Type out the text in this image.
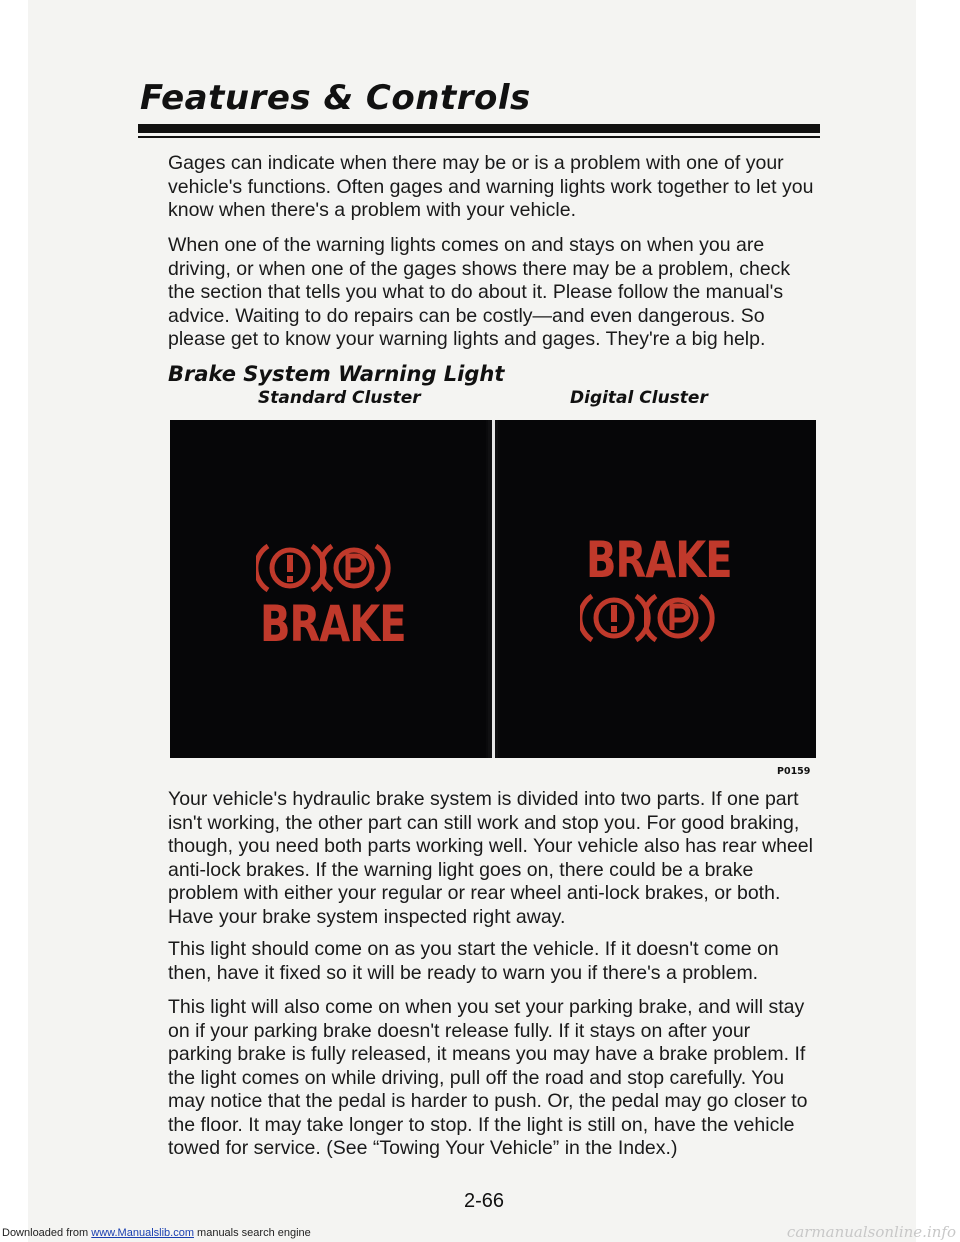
Features & Controls

Gages can indicate when there may be or is a problem with one of your vehicle's functions. Often gages and warning lights work together to let you know when there's a problem with your vehicle.

When one of the warning lights comes on and stays on when you are driving, or when one of the gages shows there may be a problem, check the section that tells you what to do about it. Please follow the manual's advice. Waiting to do repairs can be costly—and even dangerous. So please get to know your warning lights and gages. They're a big help.

Brake System Warning Light
Standard Cluster	Digital Cluster
BRAKE
BRAKE
P0159

Your vehicle's hydraulic brake system is divided into two parts. If one part isn't working, the other part can still work and stop you. For good braking, though, you need both parts working well. Your vehicle also has rear wheel anti-lock brakes. If the warning light goes on, there could be a brake problem with either your regular or rear wheel anti-lock brakes, or both. Have your brake system inspected right away.

This light should come on as you start the vehicle. If it doesn't come on then, have it fixed so it will be ready to warn you if there's a problem.

This light will also come on when you set your parking brake, and will stay on if your parking brake doesn't release fully. If it stays on after your parking brake is fully released, it means you may have a brake problem. If the light comes on while driving, pull off the road and stop carefully. You may notice that the pedal is harder to push. Or, the pedal may go closer to the floor. It may take longer to stop. If the light is still on, have the vehicle towed for service. (See “Towing Your Vehicle” in the Index.)

2-66
Downloaded from www.Manualslib.com manuals search engine	carmanualsonline.info
